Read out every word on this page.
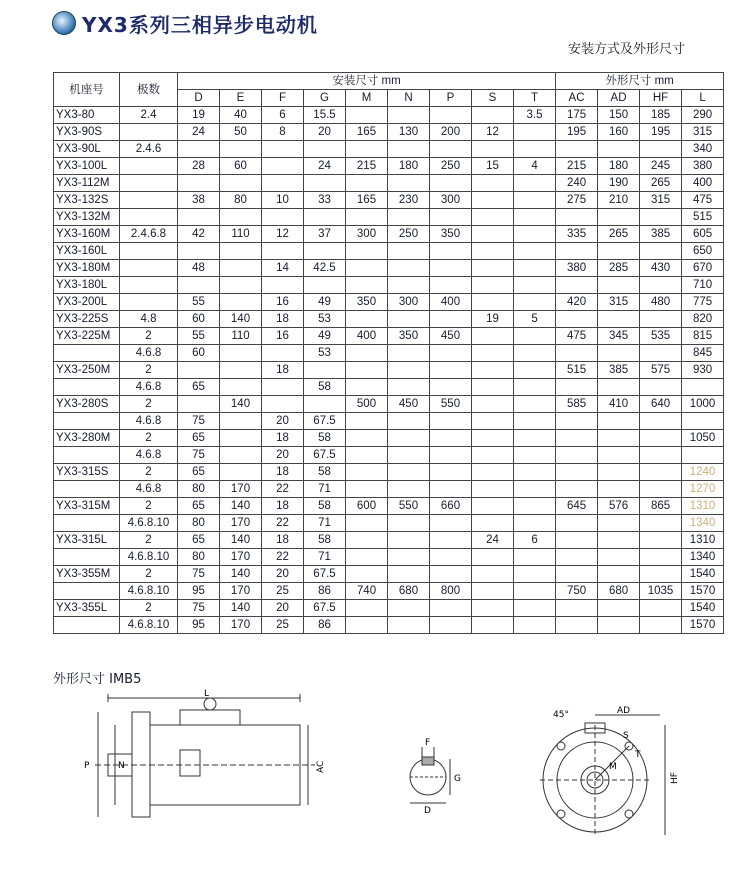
YX3系列三相异步电动机
安装方式及外形尺寸
机座号	极数	安装尺寸 mm									外形尺寸 mm			
		D	E	F	G	M	N	P	S	T	AC	AD	HF	L
YX3-80	2.4	19	40	6	15.5					3.5	175	150	185	290
YX3-90S		24	50	8	20	165	130	200	12		195	160	195	315
YX3-90L	2.4.6													340
YX3-100L		28	60		24	215	180	250	15	4	215	180	245	380
YX3-112M											240	190	265	400
YX3-132S		38	80	10	33	165	230	300			275	210	315	475
YX3-132M														515
YX3-160M	2.4.6.8	42	110	12	37	300	250	350			335	265	385	605
YX3-160L														650
YX3-180M		48		14	42.5						380	285	430	670
YX3-180L														710
YX3-200L		55		16	49	350	300	400			420	315	480	775
YX3-225S	4.8	60	140	18	53				19	5				820
YX3-225M	2	55	110	16	49	400	350	450			475	345	535	815
	4.6.8	60			53									845
YX3-250M	2			18							515	385	575	930
	4.6.8	65			58									
YX3-280S	2		140			500	450	550			585	410	640	1000
	4.6.8	75		20	67.5									
YX3-280M	2	65		18	58									1050
	4.6.8	75		20	67.5									
YX3-315S	2	65		18	58									1240
	4.6.8	80	170	22	71									1270
YX3-315M	2	65	140	18	58	600	550	660			645	576	865	1310
	4.6.8.10	80	170	22	71									1340
YX3-315L	2	65	140	18	58				24	6				1310
	4.6.8.10	80	170	22	71									1340
YX3-355M	2	75	140	20	67.5									1540
	4.6.8.10	95	170	25	86	740	680	800			750	680	1035	1570
YX3-355L	2	75	140	20	67.5									1540
	4.6.8.10	95	170	25	86									1570
外形尺寸 IMB5
L
P	N	AC
F
G
D
45°	AD
S
M
T
HF
